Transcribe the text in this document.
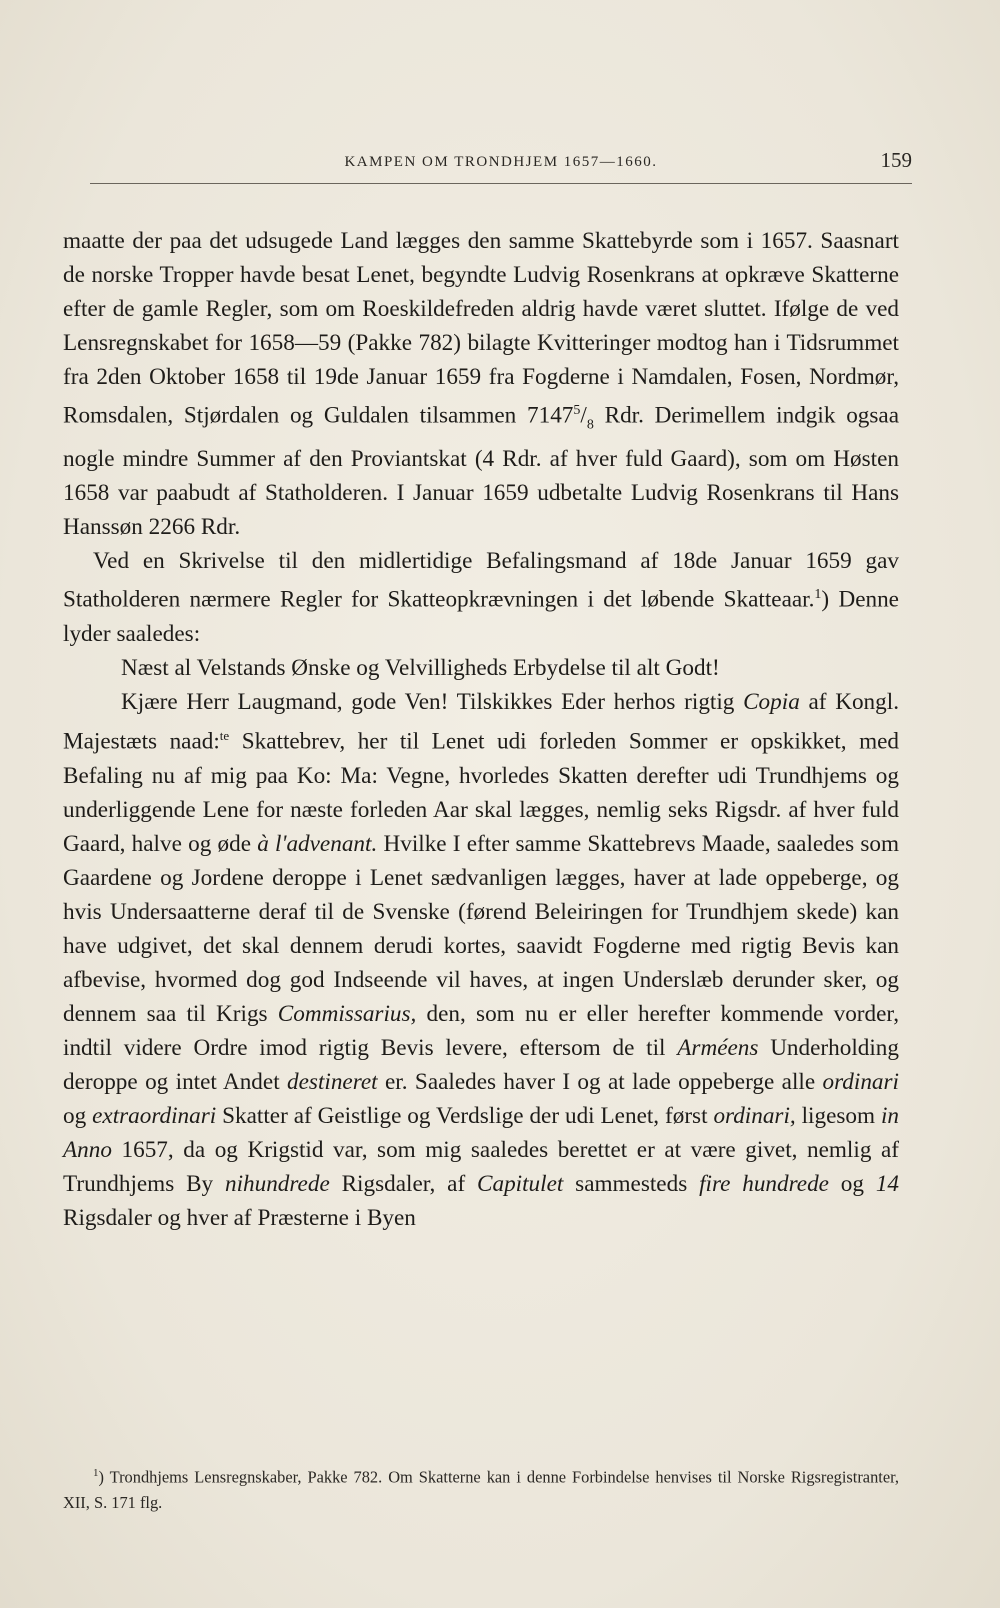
KAMPEN OM TRONDHJEM 1657—1660.	159

maatte der paa det udsugede Land lægges den samme Skattebyrde som i 1657. Saasnart de norske Tropper havde besat Lenet, begyndte Ludvig Rosenkrans at opkræve Skatterne efter de gamle Regler, som om Roeskildefreden aldrig havde været sluttet. Ifølge de ved Lensregnskabet for 1658—59 (Pakke 782) bilagte Kvitteringer modtog han i Tidsrummet fra 2den Oktober 1658 til 19de Januar 1659 fra Fogderne i Namdalen, Fosen, Nordmør, Romsdalen, Stjørdalen og Guldalen tilsammen $7147^5/_8$ Rdr. Derimellem indgik ogsaa nogle mindre Summer af den Proviantskat (4 Rdr. af hver fuld Gaard), som om Høsten 1658 var paabudt af Statholderen. I Januar 1659 udbetalte Ludvig Rosenkrans til Hans Hanssøn 2266 Rdr.

Ved en Skrivelse til den midlertidige Befalingsmand af 18de Januar 1659 gav Statholderen nærmere Regler for Skatteopkrævningen i det løbende Skatteaar.$^1$) Denne lyder saaledes:

Næst al Velstands Ønske og Velvilligheds Erbydelse til alt Godt!

Kjære Herr Laugmand, gode Ven! Tilskikkes Eder herhos rigtig Copia af Kongl. Majestæts naad:$^{te}$ Skattebrev, her til Lenet udi forleden Sommer er opskikket, med Befaling nu af mig paa Ko: Ma: Vegne, hvorledes Skatten derefter udi Trundhjems og underliggende Lene for næste forleden Aar skal lægges, nemlig seks Rigsdr. af hver fuld Gaard, halve og øde à l'advenant. Hvilke I efter samme Skattebrevs Maade, saaledes som Gaardene og Jordene deroppe i Lenet sædvanligen lægges, haver at lade oppeberge, og hvis Undersaatterne deraf til de Svenske (førend Beleiringen for Trundhjem skede) kan have udgivet, det skal dennem derudi kortes, saavidt Fogderne med rigtig Bevis kan afbevise, hvormed dog god Indseende vil haves, at ingen Underslæb derunder sker, og dennem saa til Krigs Commissarius, den, som nu er eller herefter kommende vorder, indtil videre Ordre imod rigtig Bevis levere, eftersom de til Arméens Underholding deroppe og intet Andet destineret er. Saaledes haver I og at lade oppeberge alle ordinari og extraordinari Skatter af Geistlige og Verdslige der udi Lenet, først ordinari, ligesom in Anno 1657, da og Krigstid var, som mig saaledes berettet er at være givet, nemlig af Trundhjems By nihundrede Rigsdaler, af Capitulet sammesteds fire hundrede og 14 Rigsdaler og hver af Præsterne i Byen

$^1$) Trondhjems Lensregnskaber, Pakke 782. Om Skatterne kan i denne Forbindelse henvises til Norske Rigsregistranter, XII, S. 171 flg.
